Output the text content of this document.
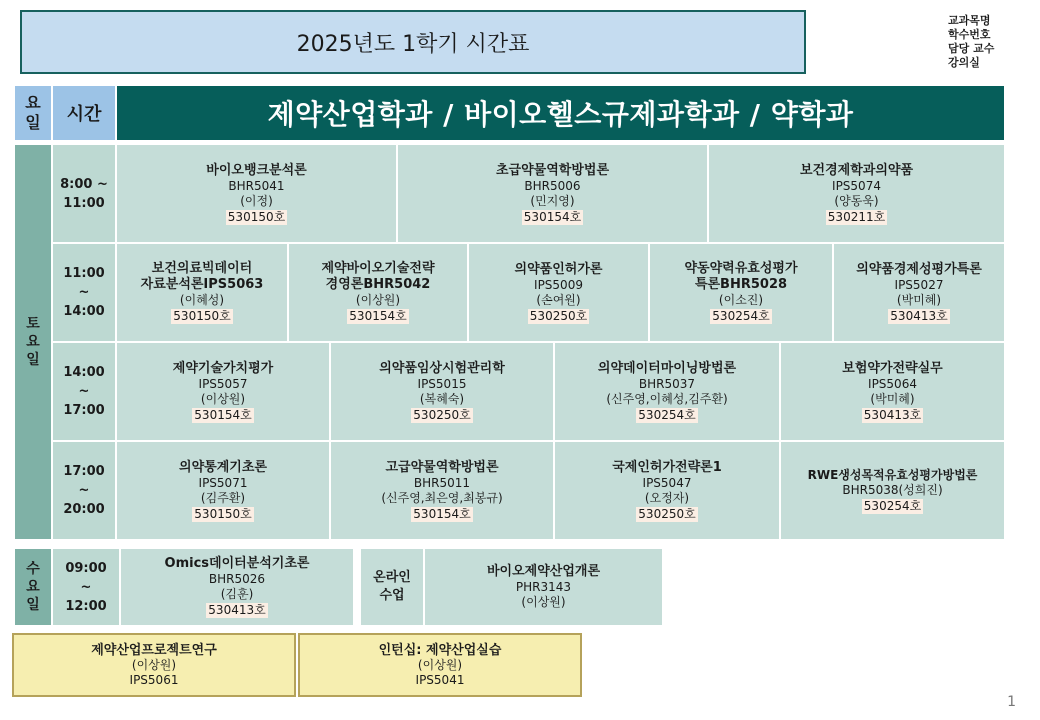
2025년도 1학기 시간표
교과목명
학수번호
담당 교수
강의실
요일 시간	제약산업학과 / 바이오헬스규제과학과 / 약학과
토요일
8:00 ~ 11:00
11:00 ~ 14:00
14:00 ~ 17:00
17:00 ~ 20:00
바이오뱅크분석론
BHR5041
(이정)
530150호
초급약물역학방법론
BHR5006
(민지영)
530154호
보건경제학과의약품
IPS5074
(양동욱)
530211호
보건의료빅데이터
자료분석론IPS5063
(이혜성)
530150호
제약바이오기술전략
경영론BHR5042
(이상원)
530154호
의약품인허가론
IPS5009
(손여원)
530250호
약동약력유효성평가
특론BHR5028
(이소진)
530254호
의약품경제성평가특론
IPS5027
(박미혜)
530413호
제약기술가치평가
IPS5057
(이상원)
530154호
의약품임상시험관리학
IPS5015
(복혜숙)
530250호
의약데이터마이닝방법론
BHR5037
(신주영,이혜성,김주환)
530254호
보험약가전략실무
IPS5064
(박미혜)
530413호
의약통계기초론
IPS5071
(김주환)
530150호
고급약물역학방법론
BHR5011
(신주영,최은영,최봉규)
530154호
국제인허가전략론1
IPS5047
(오정자)
530250호
RWE생성목적유효성평가방법론
BHR5038(성희진)
530254호
수요일
09:00 ~ 12:00
Omics데이터분석기초론
BHR5026
(김훈)
530413호
온라인 수업
바이오제약산업개론
PHR3143
(이상원)
제약산업프로젝트연구
(이상원)
IPS5061
인턴십: 제약산업실습
(이상원)
IPS5041
1
